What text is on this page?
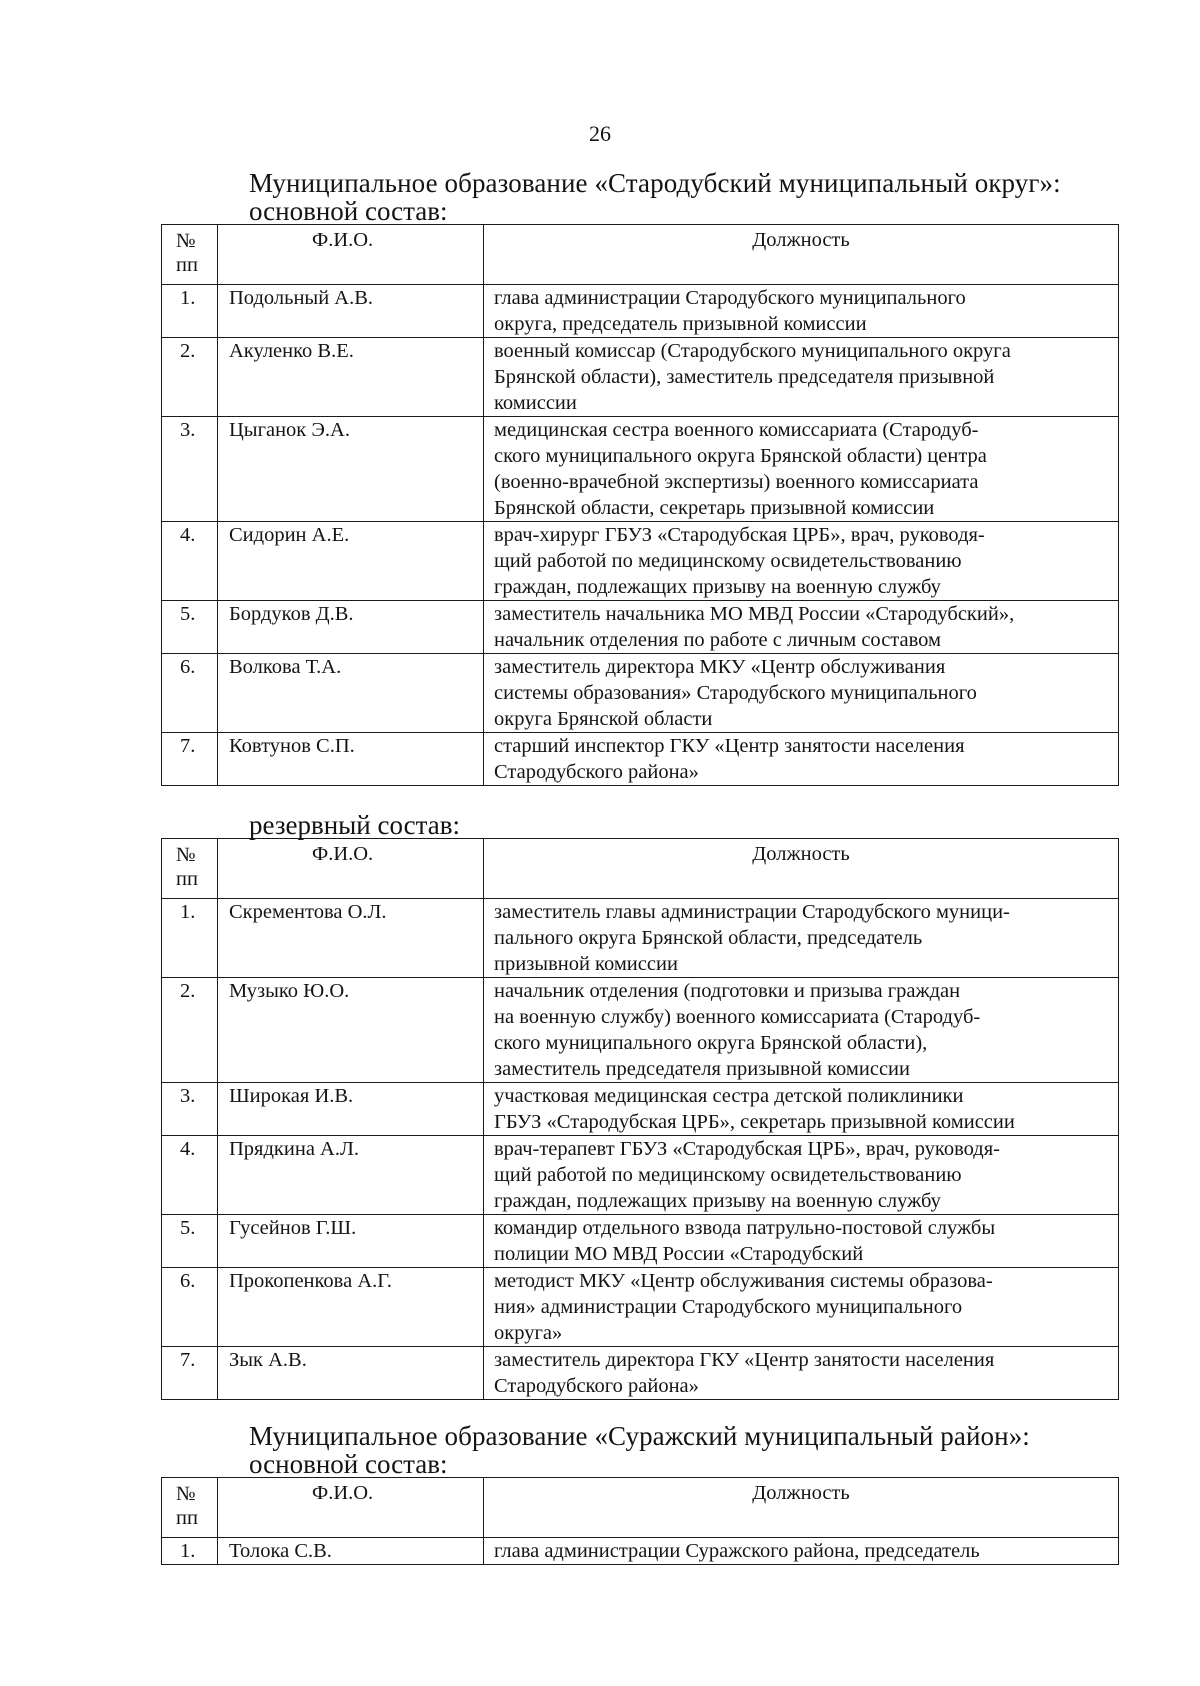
26

Муниципальное образование «Стародубский муниципальный округ»:

основной состав:

№ пп	Ф.И.О.	Должность
1.	Подольный А.В.	глава администрации Стародубского муниципального
округа, председатель призывной комиссии
2.	Акуленко В.Е.	военный комиссар (Стародубского муниципального округа
Брянской области), заместитель председателя призывной
комиссии
3.	Цыганок Э.А.	медицинская сестра военного комиссариата (Стародуб-
ского муниципального округа Брянской области) центра
(военно-врачебной экспертизы) военного комиссариата
Брянской области, секретарь призывной комиссии
4.	Сидорин А.Е.	врач-хирург ГБУЗ «Стародубская ЦРБ», врач, руководя-
щий работой по медицинскому освидетельствованию
граждан, подлежащих призыву на военную службу
5.	Бордуков Д.В.	заместитель начальника МО МВД России «Стародубский»,
начальник отделения по работе с личным составом
6.	Волкова Т.А.	заместитель директора МКУ «Центр обслуживания
системы образования» Стародубского муниципального
округа Брянской области
7.	Ковтунов С.П.	старший инспектор ГКУ «Центр занятости населения
Стародубского района»

резервный состав:

№ пп	Ф.И.О.	Должность
1.	Скрементова О.Л.	заместитель главы администрации Стародубского муници-
пального округа Брянской области, председатель
призывной комиссии
2.	Музыко Ю.О.	начальник отделения (подготовки и призыва граждан
на военную службу) военного комиссариата (Стародуб-
ского муниципального округа Брянской области),
заместитель председателя призывной комиссии
3.	Широкая И.В.	участковая медицинская сестра детской поликлиники
ГБУЗ «Стародубская ЦРБ», секретарь призывной комиссии
4.	Прядкина А.Л.	врач-терапевт ГБУЗ «Стародубская ЦРБ», врач, руководя-
щий работой по медицинскому освидетельствованию
граждан, подлежащих призыву на военную службу
5.	Гусейнов Г.Ш.	командир отдельного взвода патрульно-постовой службы
полиции МО МВД России «Стародубский
6.	Прокопенкова А.Г.	методист МКУ «Центр обслуживания системы образова-
ния» администрации Стародубского муниципального
округа»
7.	Зык А.В.	заместитель директора ГКУ «Центр занятости населения
Стародубского района»

Муниципальное образование «Суражский муниципальный район»:

основной состав:

№ пп	Ф.И.О.	Должность
1.	Толока С.В.	глава администрации Суражского района, председатель
